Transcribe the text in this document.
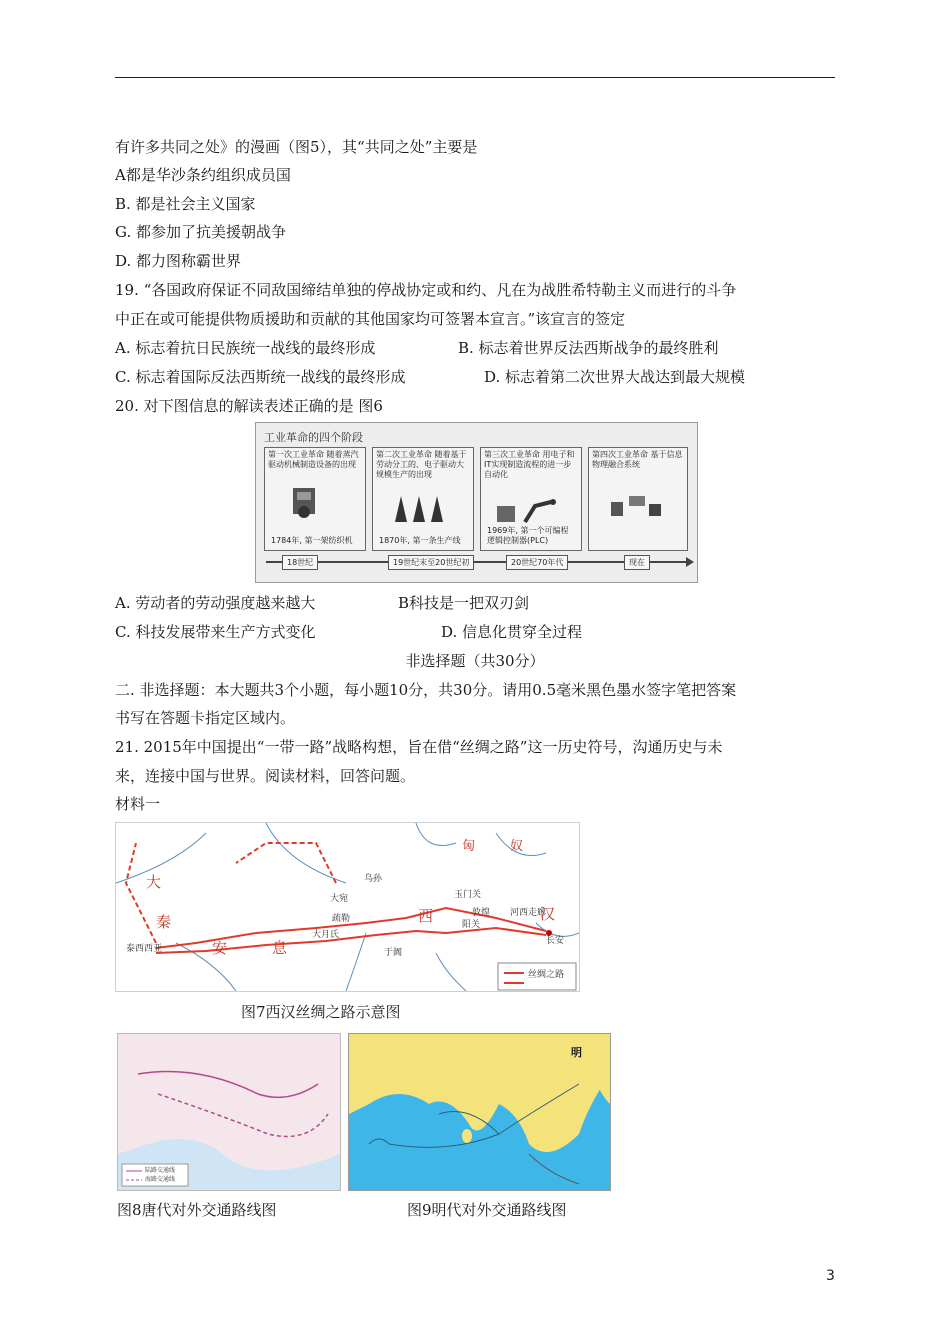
有许多共同之处》的漫画（图5），其“共同之处”主要是
A都是华沙条约组织成员国
B. 都是社会主义国家
G. 都参加了抗美援朝战争
D. 都力图称霸世界
19. “各国政府保证不同敌国缔结单独的停战协定或和约、凡在为战胜希特勒主义而进行的斗争
中正在或可能提供物质援助和贡献的其他国家均可签署本宣言。”该宣言的签定
A. 标志着抗日民族统一战线的最终形成	B. 标志着世界反法西斯战争的最终胜利
C. 标志着国际反法西斯统一战线的最终形成	D. 标志着第二次世界大战达到最大规模
20. 对下图信息的解读表述正确的是 图6
工业革命的四个阶段
第一次工业革命 随着蒸汽驱动机械制造设备的出现
1784年, 第一架纺织机
第二次工业革命 随着基于劳动分工的、电子驱动大规模生产的出现
1870年, 第一条生产线
第三次工业革命 用电子和IT实现制造流程的进一步自动化
1969年, 第一个可编程逻辑控制器(PLC)
第四次工业革命 基于信息物理融合系统
18世纪	19世纪末至20世纪初	20世纪70年代	现在
A. 劳动者的劳动强度越来越大	B科技是一把双刃剑
C. 科技发展带来生产方式变化	D. 信息化贯穿全过程
非选择题（共30分）
二. 非选择题：本大题共3个小题，每小题10分，共30分。请用0.5毫米黑色墨水签字笔把答案
书写在答题卡指定区域内。
21. 2015年中国提出“一带一路”战略构想，旨在借“丝绸之路”这一历史符号，沟通历史与未
来，连接中国与世界。阅读材料，回答问题。
材料一
匈	奴
大
秦
安	息
西	汉
长安
大宛
疏勒
大月氏
于阗
敦煌
玉门关
阳关
河西走廊
乌孙
泰西西亚
丝绸之路
图7西汉丝绸之路示意图
陆路交通线
海路交通线
图8唐代对外交通路线图
明
图9明代对外交通路线图
3
